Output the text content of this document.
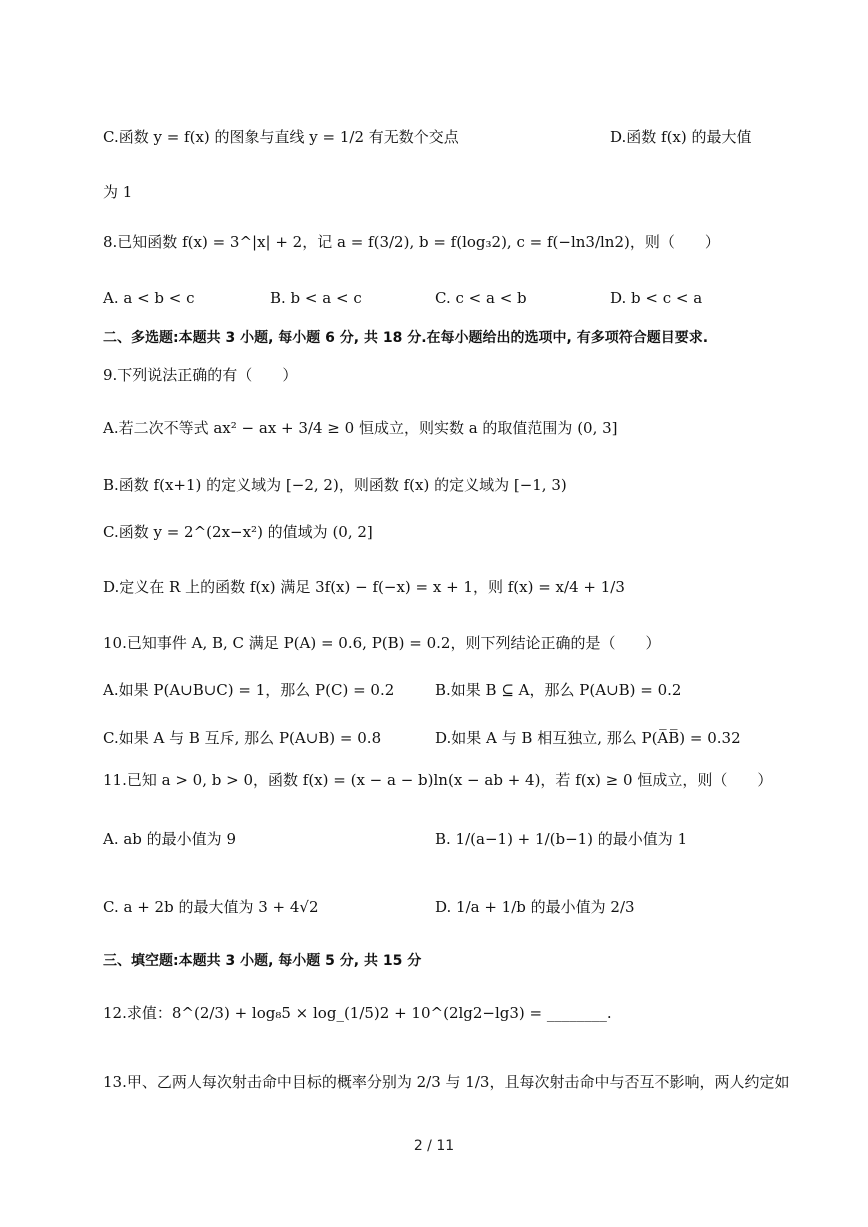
C.函数 y = f(x) 的图象与直线 y = 1/2 有无数个交点	D.函数 f(x) 的最大值
为 1
8.已知函数 f(x) = 3^|x| + 2，记 a = f(3/2), b = f(log₃2), c = f(−ln3/ln2)，则（　　）
A. a < b < c	B. b < a < c	C. c < a < b	D. b < c < a
二、多选题:本题共 3 小题, 每小题 6 分, 共 18 分.在每小题给出的选项中, 有多项符合题目要求.
9.下列说法正确的有（　　）
A.若二次不等式 ax² − ax + 3/4 ≥ 0 恒成立，则实数 a 的取值范围为 (0, 3]
B.函数 f(x+1) 的定义域为 [−2, 2)，则函数 f(x) 的定义域为 [−1, 3)
C.函数 y = 2^(2x−x²) 的值域为 (0, 2]
D.定义在 R 上的函数 f(x) 满足 3f(x) − f(−x) = x + 1，则 f(x) = x/4 + 1/3
10.已知事件 A, B, C 满足 P(A) = 0.6, P(B) = 0.2，则下列结论正确的是（　　）
A.如果 P(A∪B∪C) = 1，那么 P(C) = 0.2	B.如果 B ⊆ A，那么 P(A∪B) = 0.2
C.如果 A 与 B 互斥, 那么 P(A∪B) = 0.8	D.如果 A 与 B 相互独立, 那么 P(A̅B̅) = 0.32
11.已知 a > 0, b > 0，函数 f(x) = (x − a − b)ln(x − ab + 4)，若 f(x) ≥ 0 恒成立，则（　　）
A. ab 的最小值为 9	B. 1/(a−1) + 1/(b−1) 的最小值为 1
C. a + 2b 的最大值为 3 + 4√2	D. 1/a + 1/b 的最小值为 2/3
三、填空题:本题共 3 小题, 每小题 5 分, 共 15 分
12.求值：8^(2/3) + log₈5 × log_(1/5)2 + 10^(2lg2−lg3) = ________.
13.甲、乙两人每次射击命中目标的概率分别为 2/3 与 1/3，且每次射击命中与否互不影响，两人约定如
2 / 11
